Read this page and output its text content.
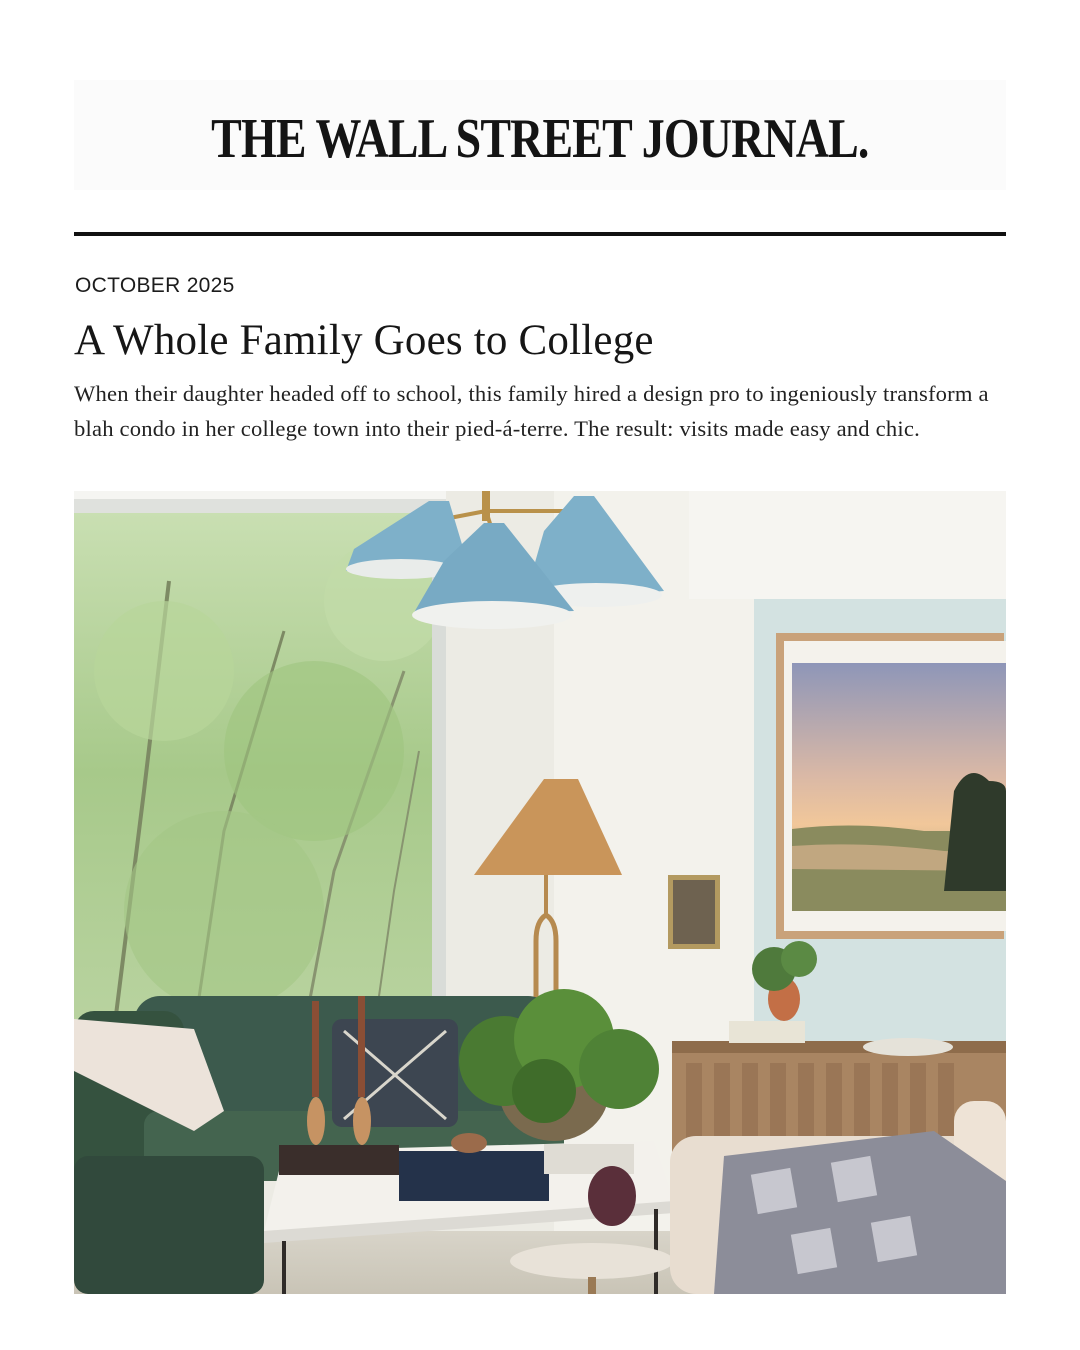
THE WALL STREET JOURNAL.
OCTOBER 2025
A Whole Family Goes to College

When their daughter headed off to school, this family hired a design pro to ingeniously transform a blah condo in her college town into their pied-á-terre. The result: visits made easy and chic.
